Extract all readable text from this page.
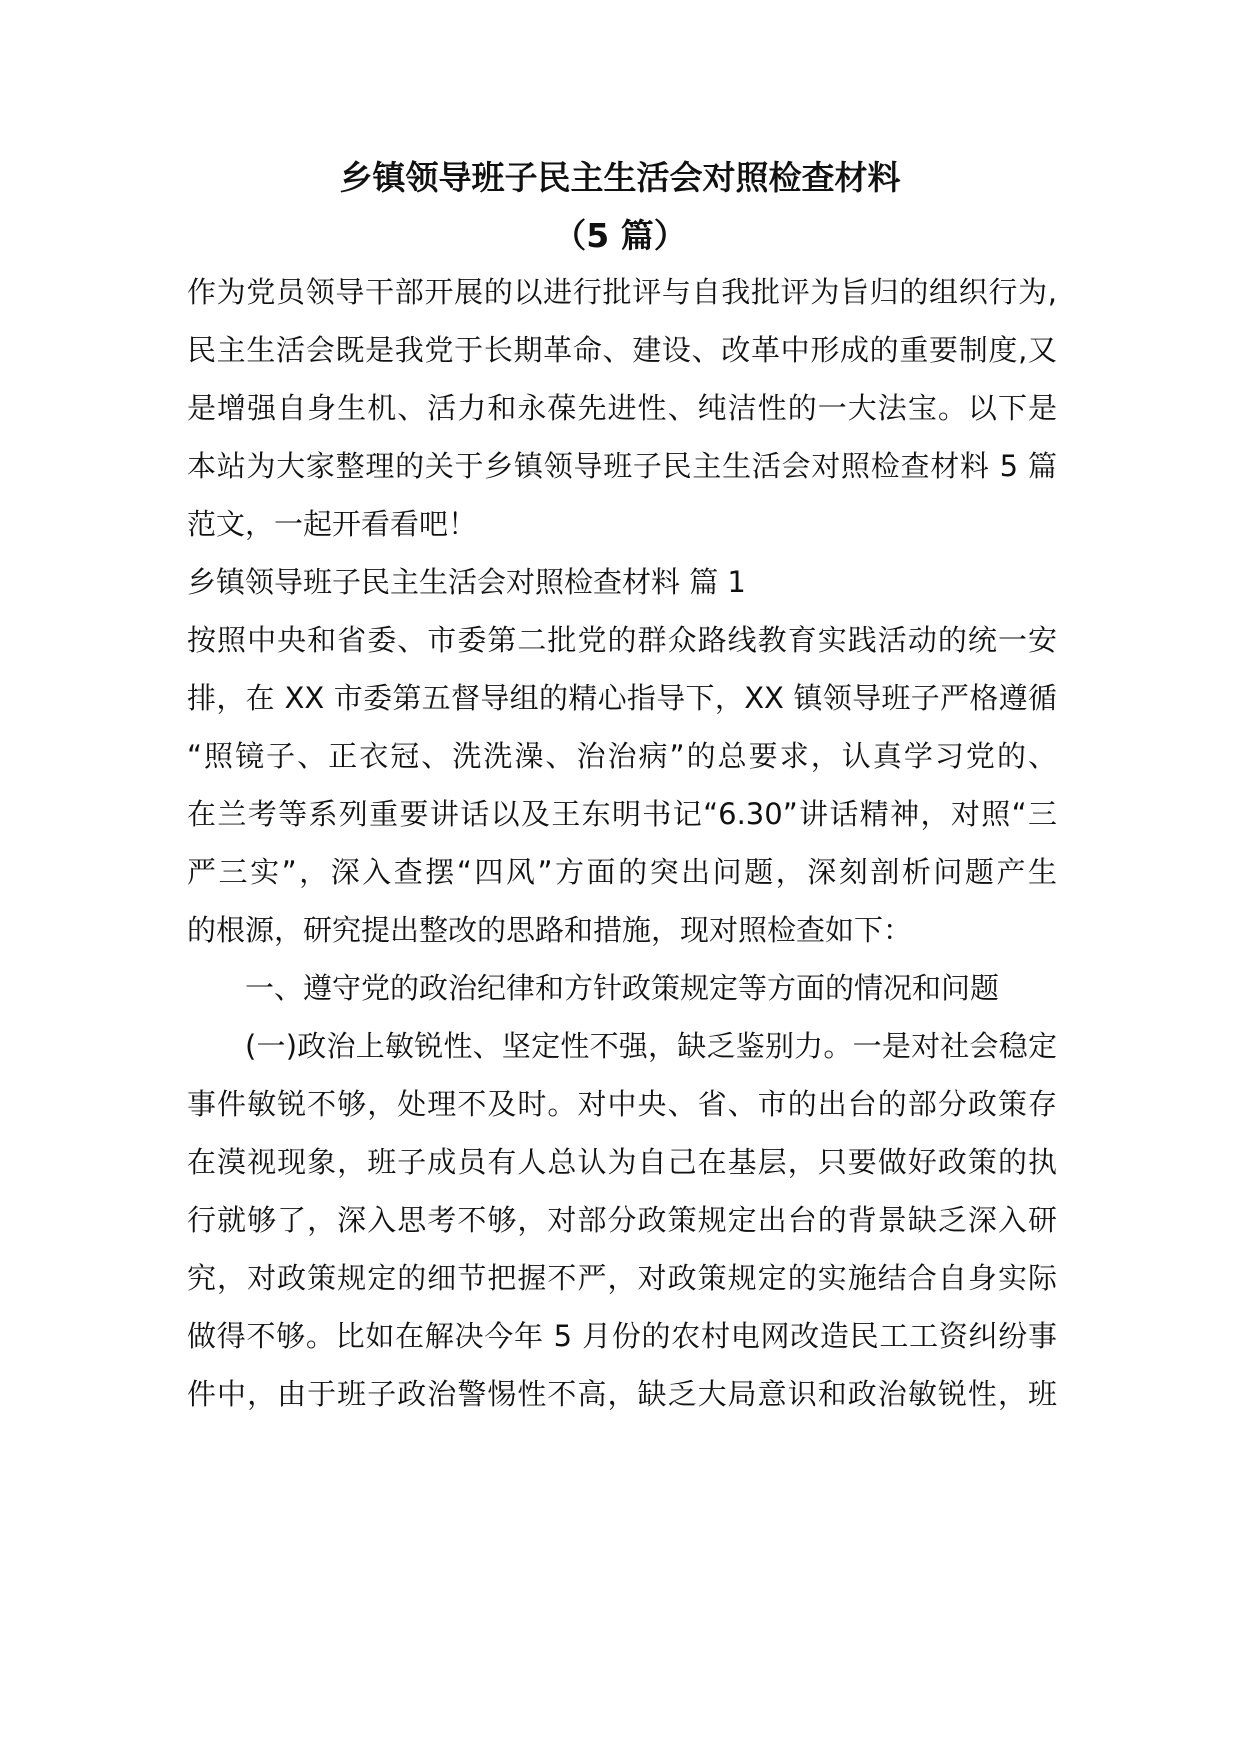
乡镇领导班子民主生活会对照检查材料
（5 篇）
作为党员领导干部开展的以进行批评与自我批评为旨归的组织行为,
民主生活会既是我党于长期革命、建设、改革中形成的重要制度,又
是增强自身生机、活力和永葆先进性、纯洁性的一大法宝。以下是
本站为大家整理的关于乡镇领导班子民主生活会对照检查材料 5 篇
范文，一起开看看吧！
乡镇领导班子民主生活会对照检查材料 篇 1
按照中央和省委、市委第二批党的群众路线教育实践活动的统一安
排，在 XX 市委第五督导组的精心指导下，XX 镇领导班子严格遵循
“照镜子、正衣冠、洗洗澡、治治病”的总要求，认真学习党的、
在兰考等系列重要讲话以及王东明书记“6.30”讲话精神，对照“三
严三实”，深入查摆“四风”方面的突出问题，深刻剖析问题产生
的根源，研究提出整改的思路和措施，现对照检查如下：
一、遵守党的政治纪律和方针政策规定等方面的情况和问题
(一)政治上敏锐性、坚定性不强，缺乏鉴别力。一是对社会稳定
事件敏锐不够，处理不及时。对中央、省、市的出台的部分政策存
在漠视现象，班子成员有人总认为自己在基层，只要做好政策的执
行就够了，深入思考不够，对部分政策规定出台的背景缺乏深入研
究，对政策规定的细节把握不严，对政策规定的实施结合自身实际
做得不够。比如在解决今年 5 月份的农村电网改造民工工资纠纷事
件中，由于班子政治警惕性不高，缺乏大局意识和政治敏锐性，班
